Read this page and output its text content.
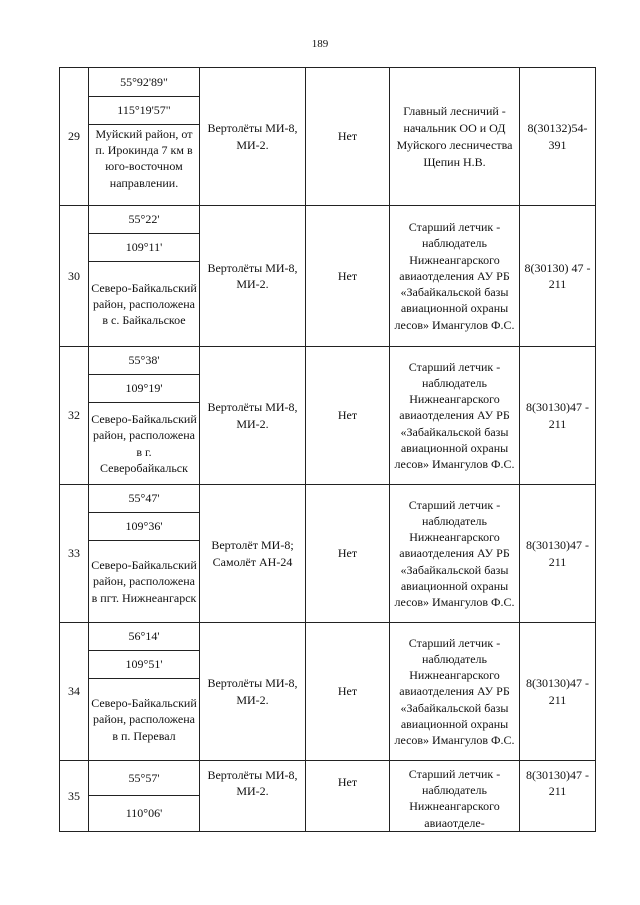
189
29	55°92'89"	Вертолёты МИ-8, МИ-2.	Нет	Главный лесничий - начальник ОО и ОД Муйского лесничества Щепин Н.В.	8(30132)54-391
	115°19'57"				
	Муйский район, от п. Ирокинда 7 км в юго-восточном направлении.				
30	55°22'	Вертолёты МИ-8, МИ-2.	Нет	Старший летчик - наблюдатель Нижнеангарского авиаотделения АУ РБ «Забайкальской базы авиационной охраны лесов» Имангулов Ф.С.	8(30130) 47 - 211
	109°11'				
	Северо-Байкальский район, расположена в с. Байкальское				
32	55°38'	Вертолёты МИ-8, МИ-2.	Нет	Старший летчик - наблюдатель Нижнеангарского авиаотделения АУ РБ «Забайкальской базы авиационной охраны лесов» Имангулов Ф.С.	8(30130)47 - 211
	109°19'				
	Северо-Байкальский район, расположена в г. Северобайкальск				
33	55°47'	Вертолёт МИ-8; Самолёт АН-24	Нет	Старший летчик - наблюдатель Нижнеангарского авиаотделения АУ РБ «Забайкальской базы авиационной охраны лесов» Имангулов Ф.С.	8(30130)47 - 211
	109°36'				
	Северо-Байкальский район, расположена в пгт. Нижнеангарск				
34	56°14'	Вертолёты МИ-8, МИ-2.	Нет	Старший летчик - наблюдатель Нижнеангарского авиаотделения АУ РБ «Забайкальской базы авиационной охраны лесов» Имангулов Ф.С.	8(30130)47 - 211
	109°51'				
	Северо-Байкальский район, расположена в п. Перевал				
35	55°57'	Вертолёты МИ-8, МИ-2.	Нет	Старший летчик - наблюдатель Нижнеангарского авиаотделе-	8(30130)47 - 211
	110°06'				
